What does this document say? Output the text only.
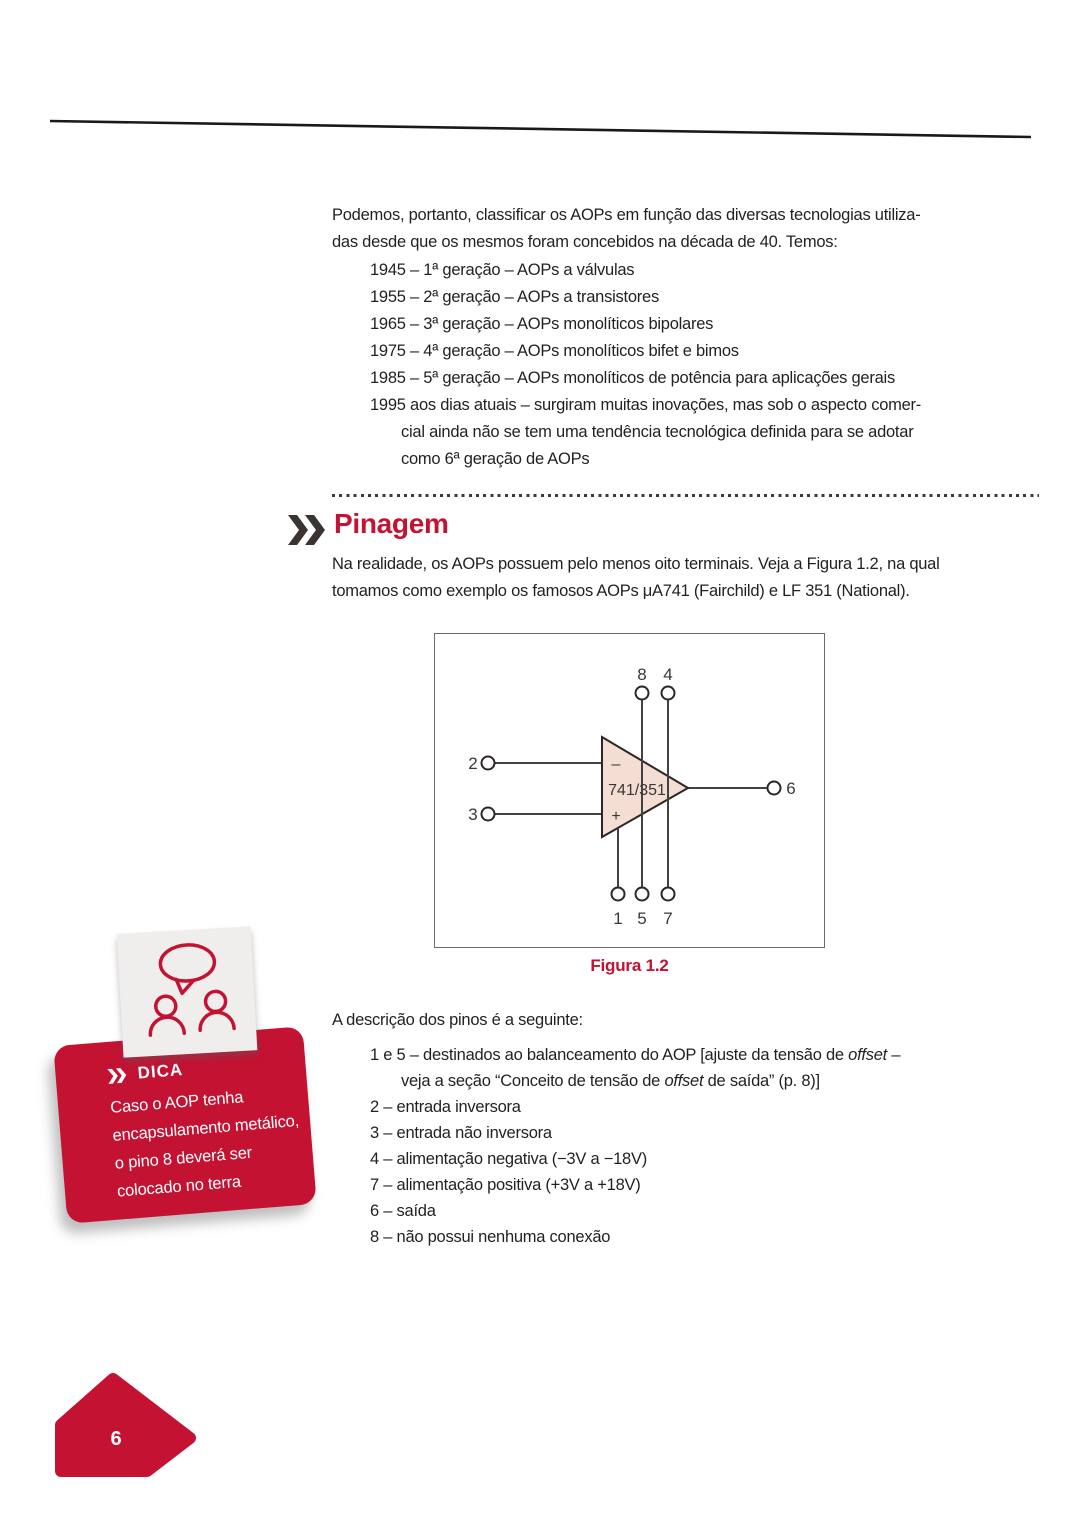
Podemos, portanto, classificar os AOPs em função das diversas tecnologias utiliza-
das desde que os mesmos foram concebidos na década de 40. Temos:
1945 – 1ª geração – AOPs a válvulas
1955 – 2ª geração – AOPs a transistores
1965 – 3ª geração – AOPs monolíticos bipolares
1975 – 4ª geração – AOPs monolíticos bifet e bimos
1985 – 5ª geração – AOPs monolíticos de potência para aplicações gerais
1995 aos dias atuais – surgiram muitas inovações, mas sob o aspecto comer-
cial ainda não se tem uma tendência tecnológica definida para se adotar
como 6ª geração de AOPs
Pinagem
Na realidade, os AOPs possuem pelo menos oito terminais. Veja a Figura 1.2, na qual
tomamos como exemplo os famosos AOPs μA741 (Fairchild) e LF 351 (National).
8 4
1 5 7
2
3
6
–
+
741/351
Figura 1.2
A descrição dos pinos é a seguinte:
1 e 5 – destinados ao balanceamento do AOP [ajuste da tensão de offset –
veja a seção “Conceito de tensão de offset de saída” (p. 8)]
2 – entrada inversora
3 – entrada não inversora
4 – alimentação negativa (−3V a −18V)
7 – alimentação positiva (+3V a +18V)
6 – saída
8 – não possui nenhuma conexão
DICA
Caso o AOP tenha
encapsulamento metálico,
o pino 8 deverá ser
colocado no terra
6
